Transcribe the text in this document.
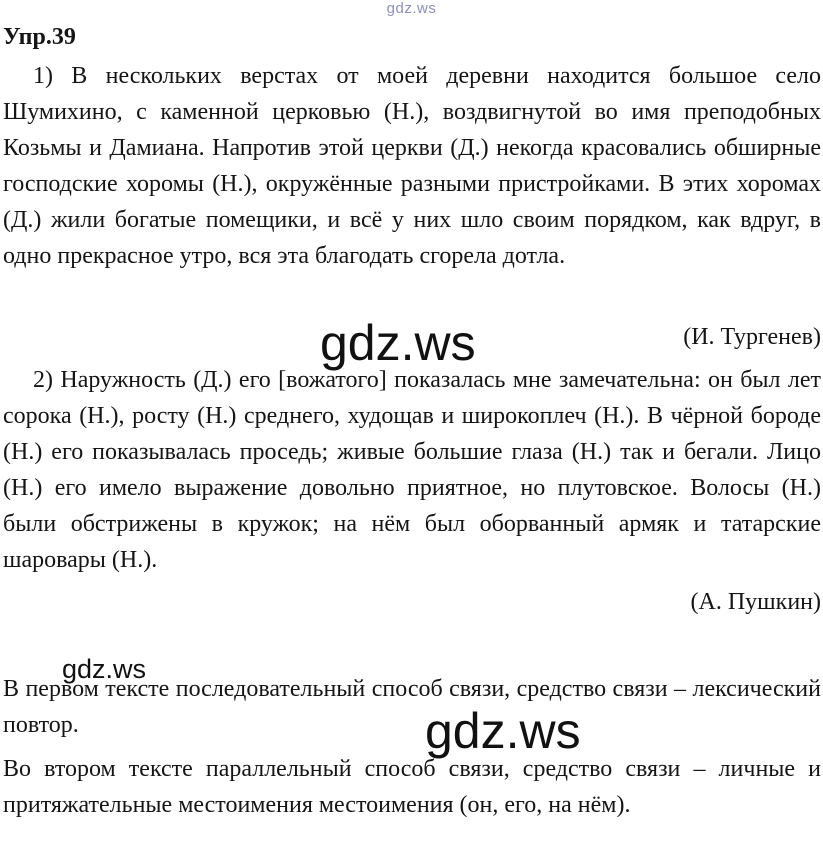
gdz.ws
Упр.39

1) В нескольких верстах от моей деревни находится большое село Шумихино, с каменной церковью (Н.), воздвигнутой во имя преподобных Козьмы и Дамиана. Напротив этой церкви (Д.) некогда красовались обширные господские хоромы (Н.), окружённые разными пристройками. В этих хоромах (Д.) жили богатые помещики, и всё у них шло своим порядком, как вдруг, в одно прекрасное утро, вся эта благодать сгорела дотла.

gdz.ws	(И. Тургенев)

2) Наружность (Д.) его [вожатого] показалась мне замечательна: он был лет сорока (Н.), росту (Н.) среднего, худощав и широкоплеч (Н.). В чёрной бороде (Н.) его показывалась проседь; живые большие глаза (Н.) так и бегали. Лицо (Н.) его имело выражение довольно приятное, но плутовское. Волосы (Н.) были обстрижены в кружок; на нём был оборванный армяк и татарские шаровары (Н.).

(А. Пушкин)

gdz.ws

В первом тексте последовательный способ связи, средство связи – лексический повтор.	gdz.ws

Во втором тексте параллельный способ связи, средство связи – личные и притяжательные местоимения местоимения (он, его, на нём).
